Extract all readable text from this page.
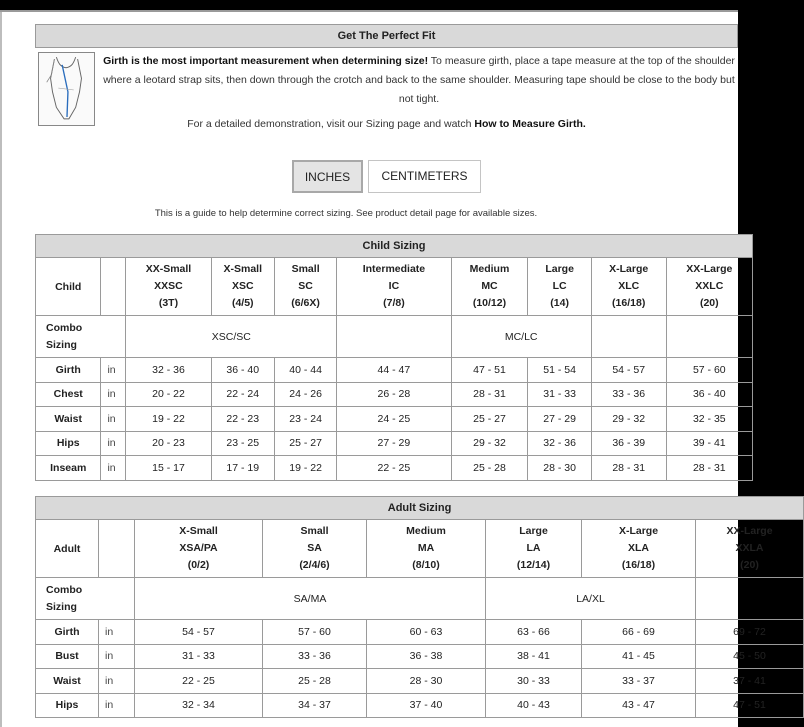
Get The Perfect Fit
Girth is the most important measurement when determining size! To measure girth, place a tape measure at the top of the shoulder where a leotard strap sits, then down through the crotch and back to the same shoulder. Measuring tape should be close to the body but not tight.
For a detailed demonstration, visit our Sizing page and watch How to Measure Girth.
INCHES	CENTIMETERS
This is a guide to help determine correct sizing. See product detail page for available sizes.
Child Sizing									
Child		XX-Small
XXSC
(3T)	X-Small
XSC
(4/5)	Small
SC
(6/6X)	Intermediate
IC
(7/8)	Medium
MC
(10/12)	Large
LC
(14)	X-Large
XLC
(16/18)	XX-Large
XXLC
(20)

Combo
Sizing		XSC/SC				MC/LC			
Girth	in	32 - 36	36 - 40	40 - 44	44 - 47	47 - 51	51 - 54	54 - 57	57 - 60
Chest	in	20 - 22	22 - 24	24 - 26	26 - 28	28 - 31	31 - 33	33 - 36	36 - 40
Waist	in	19 - 22	22 - 23	23 - 24	24 - 25	25 - 27	27 - 29	29 - 32	32 - 35
Hips	in	20 - 23	23 - 25	25 - 27	27 - 29	29 - 32	32 - 36	36 - 39	39 - 41
Inseam	in	15 - 17	17 - 19	19 - 22	22 - 25	25 - 28	28 - 30	28 - 31	28 - 31
Adult Sizing							
Adult		X-Small
XSA/PA
(0/2)	Small
SA
(2/4/6)	Medium
MA
(8/10)	Large
LA
(12/14)	X-Large
XLA
(16/18)	XX-Large
XXLA
(20)

Combo
Sizing		SA/MA			LA/XL		
Girth	in	54 - 57	57 - 60	60 - 63	63 - 66	66 - 69	69 - 72
Bust	in	31 - 33	33 - 36	36 - 38	38 - 41	41 - 45	45 - 50
Waist	in	22 - 25	25 - 28	28 - 30	30 - 33	33 - 37	37 - 41
Hips	in	32 - 34	34 - 37	37 - 40	40 - 43	43 - 47	47 - 51
